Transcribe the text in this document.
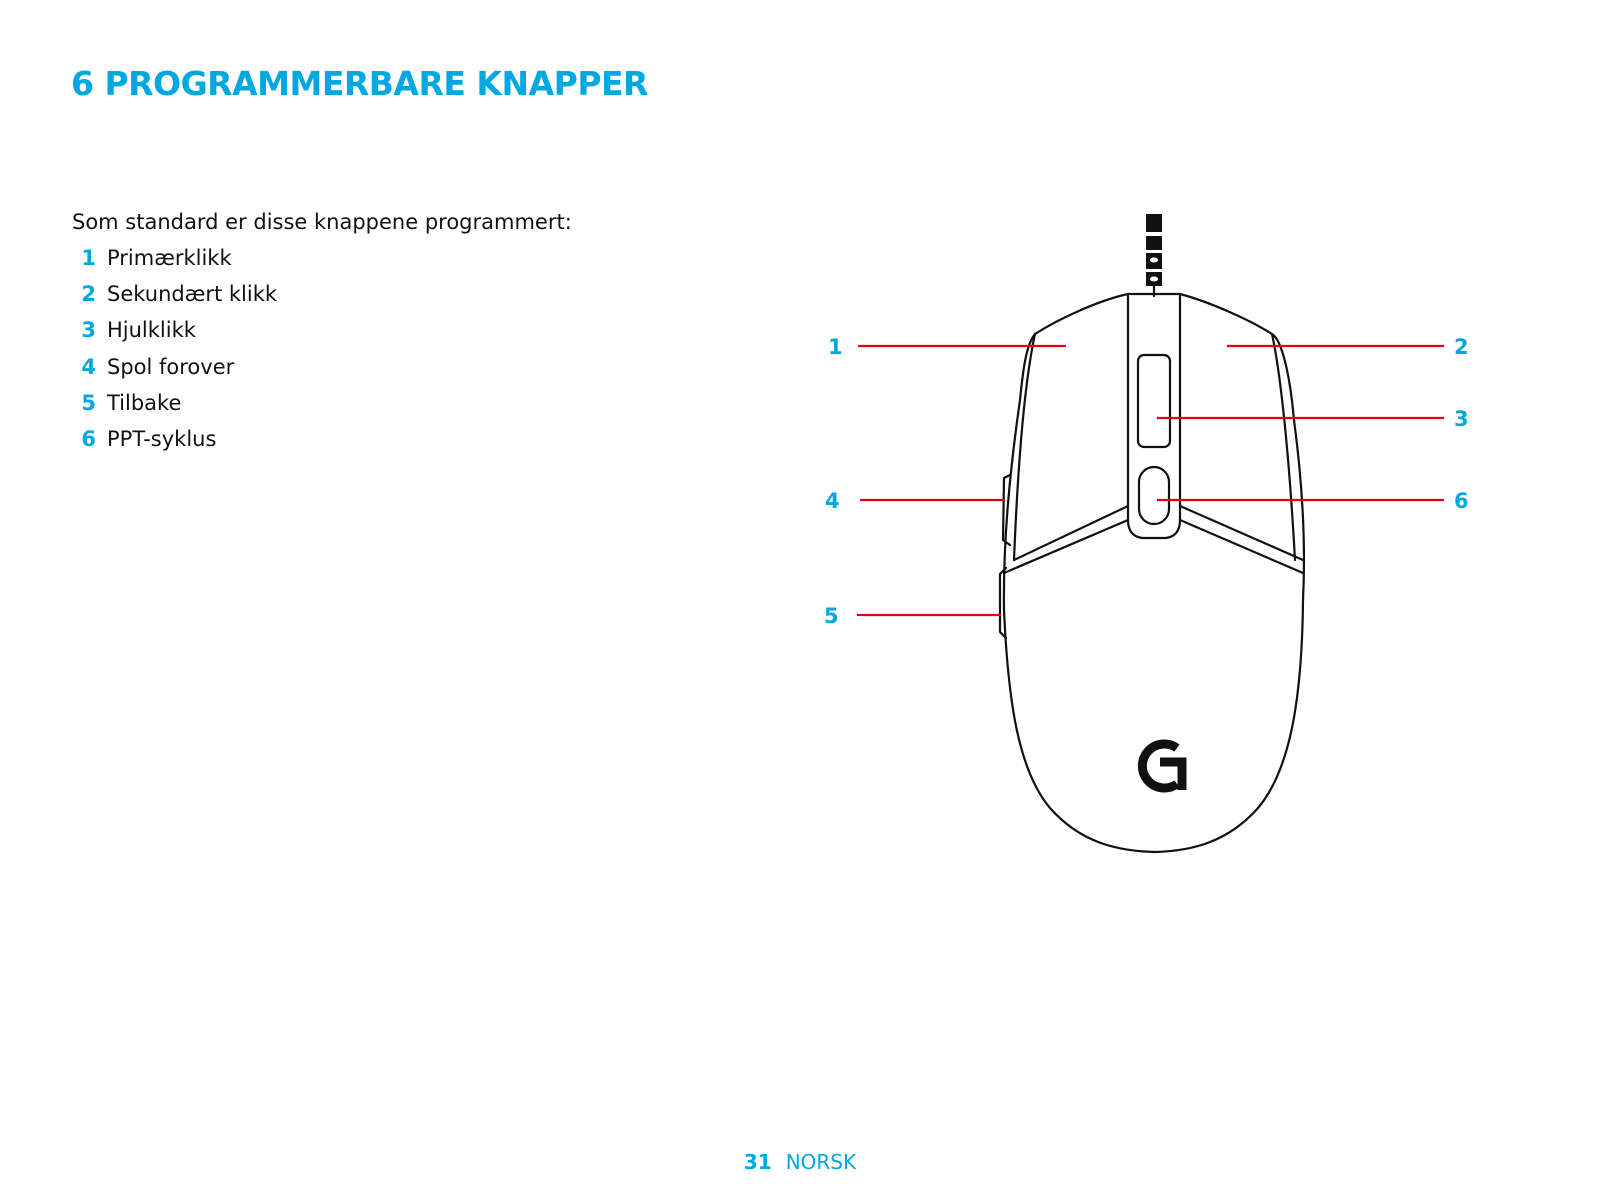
6 PROGRAMMERBARE KNAPPER

Som standard er disse knappene programmert:

1 Primærklikk
2 Sekundært klikk
3 Hjulklikk
4 Spol forover
5 Tilbake
6 PPT-syklus
1	2
3
4	6
5
31 NORSK
